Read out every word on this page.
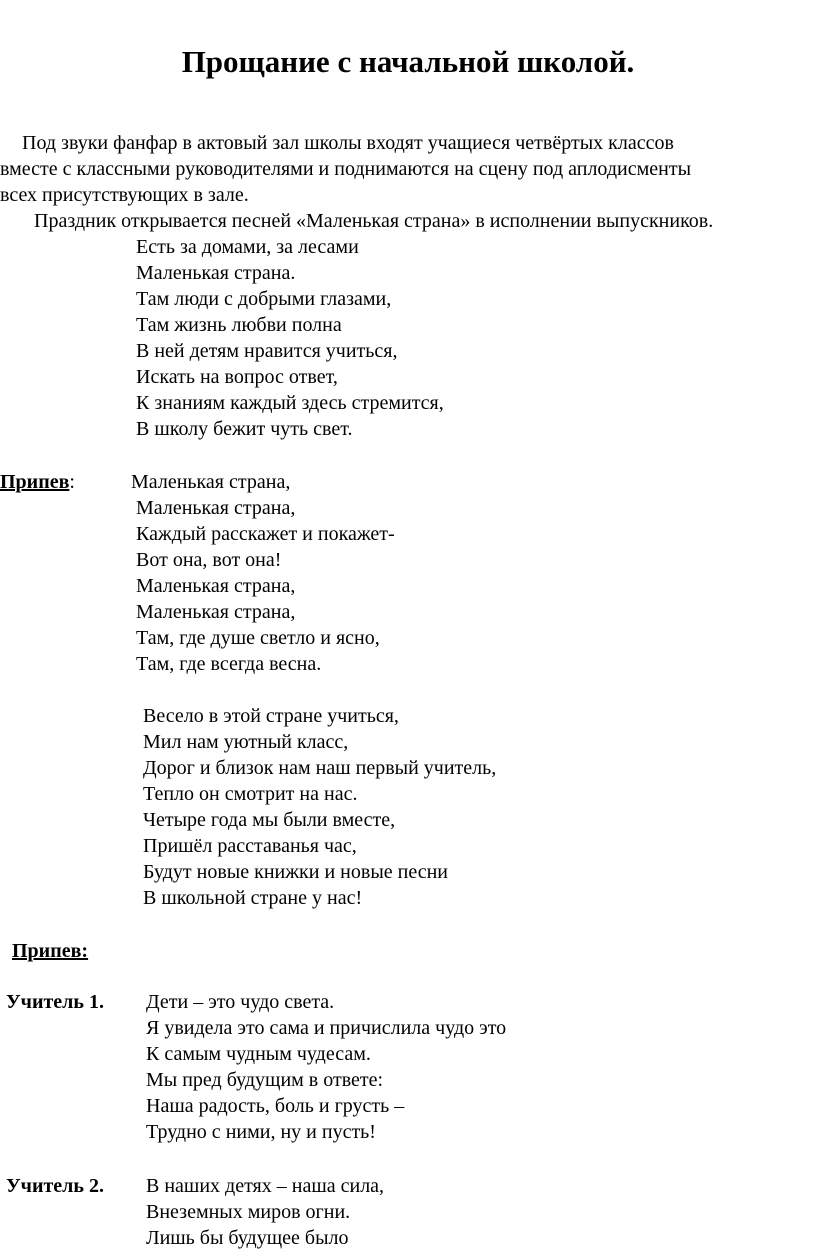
Прощание с начальной школой.
Под звуки фанфар в актовый зал школы входят учащиеся четвёртых классов
вместе с классными руководителями и поднимаются на сцену под аплодисменты
всех присутствующих в зале.
Праздник открывается песней «Маленькая страна» в исполнении выпускников.
Есть за домами, за лесами
Маленькая страна.
Там люди с добрыми глазами,
Там жизнь любви полна
В ней детям нравится учиться,
Искать на вопрос ответ,
К знаниям каждый здесь стремится,
В школу бежит чуть свет.
Припев:	Маленькая страна,
Маленькая страна,
Каждый расскажет и покажет-
Вот она, вот она!
Маленькая страна,
Маленькая страна,
Там, где душе светло и ясно,
Там, где всегда весна.
Весело в этой стране учиться,
Мил нам уютный класс,
Дорог и близок нам наш первый учитель,
Тепло он смотрит на нас.
Четыре года мы были вместе,
Пришёл расставанья час,
Будут новые книжки и новые песни
В школьной стране у нас!
Припев:
Учитель 1. Дети – это чудо света.
Я увидела это сама и причислила чудо это
К самым чудным чудесам.
Мы пред будущим в ответе:
Наша радость, боль и грусть –
Трудно с ними, ну и пусть!
Учитель 2. В наших детях – наша сила,
Внеземных миров огни.
Лишь бы будущее было
